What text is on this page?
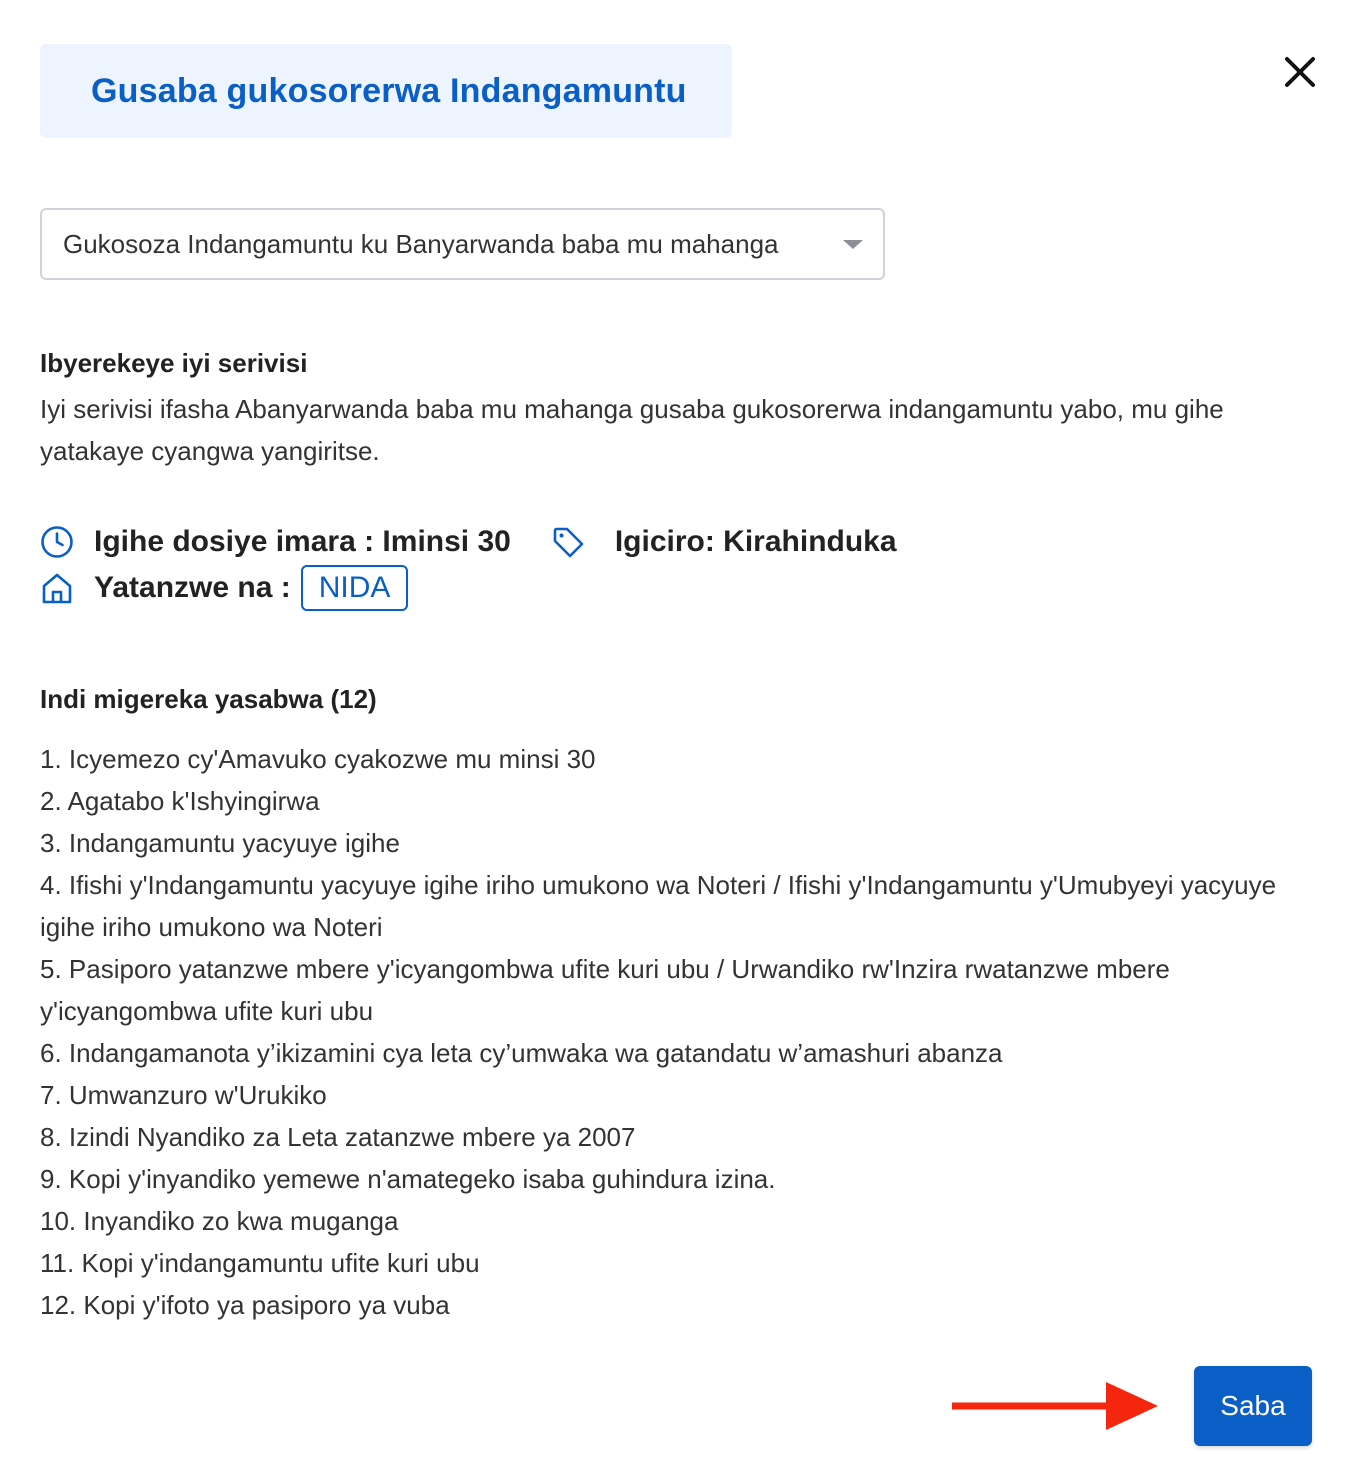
Gusaba gukosorerwa Indangamuntu
Gukosoza Indangamuntu ku Banyarwanda baba mu mahanga
Ibyerekeye iyi serivisi

Iyi serivisi ifasha Abanyarwanda baba mu mahanga gusaba gukosorerwa indangamuntu yabo, mu gihe yatakaye cyangwa yangiritse.

Igihe dosiye imara : Iminsi 30	Igiciro: Kirahinduka
Yatanzwe na : NIDA
Indi migereka yasabwa (12)
1. Icyemezo cy'Amavuko cyakozwe mu minsi 30
2. Agatabo k'Ishyingirwa
3. Indangamuntu yacyuye igihe
4. Ifishi y'Indangamuntu yacyuye igihe iriho umukono wa Noteri / Ifishi y'Indangamuntu y'Umubyeyi yacyuye igihe iriho umukono wa Noteri
5. Pasiporo yatanzwe mbere y'icyangombwa ufite kuri ubu / Urwandiko rw'Inzira rwatanzwe mbere y'icyangombwa ufite kuri ubu
6. Indangamanota y’ikizamini cya leta cy’umwaka wa gatandatu w’amashuri abanza
7. Umwanzuro w'Urukiko
8. Izindi Nyandiko za Leta zatanzwe mbere ya 2007
9. Kopi y'inyandiko yemewe n'amategeko isaba guhindura izina.
10. Inyandiko zo kwa muganga
11. Kopi y'indangamuntu ufite kuri ubu
12. Kopi y'ifoto ya pasiporo ya vuba
Saba
